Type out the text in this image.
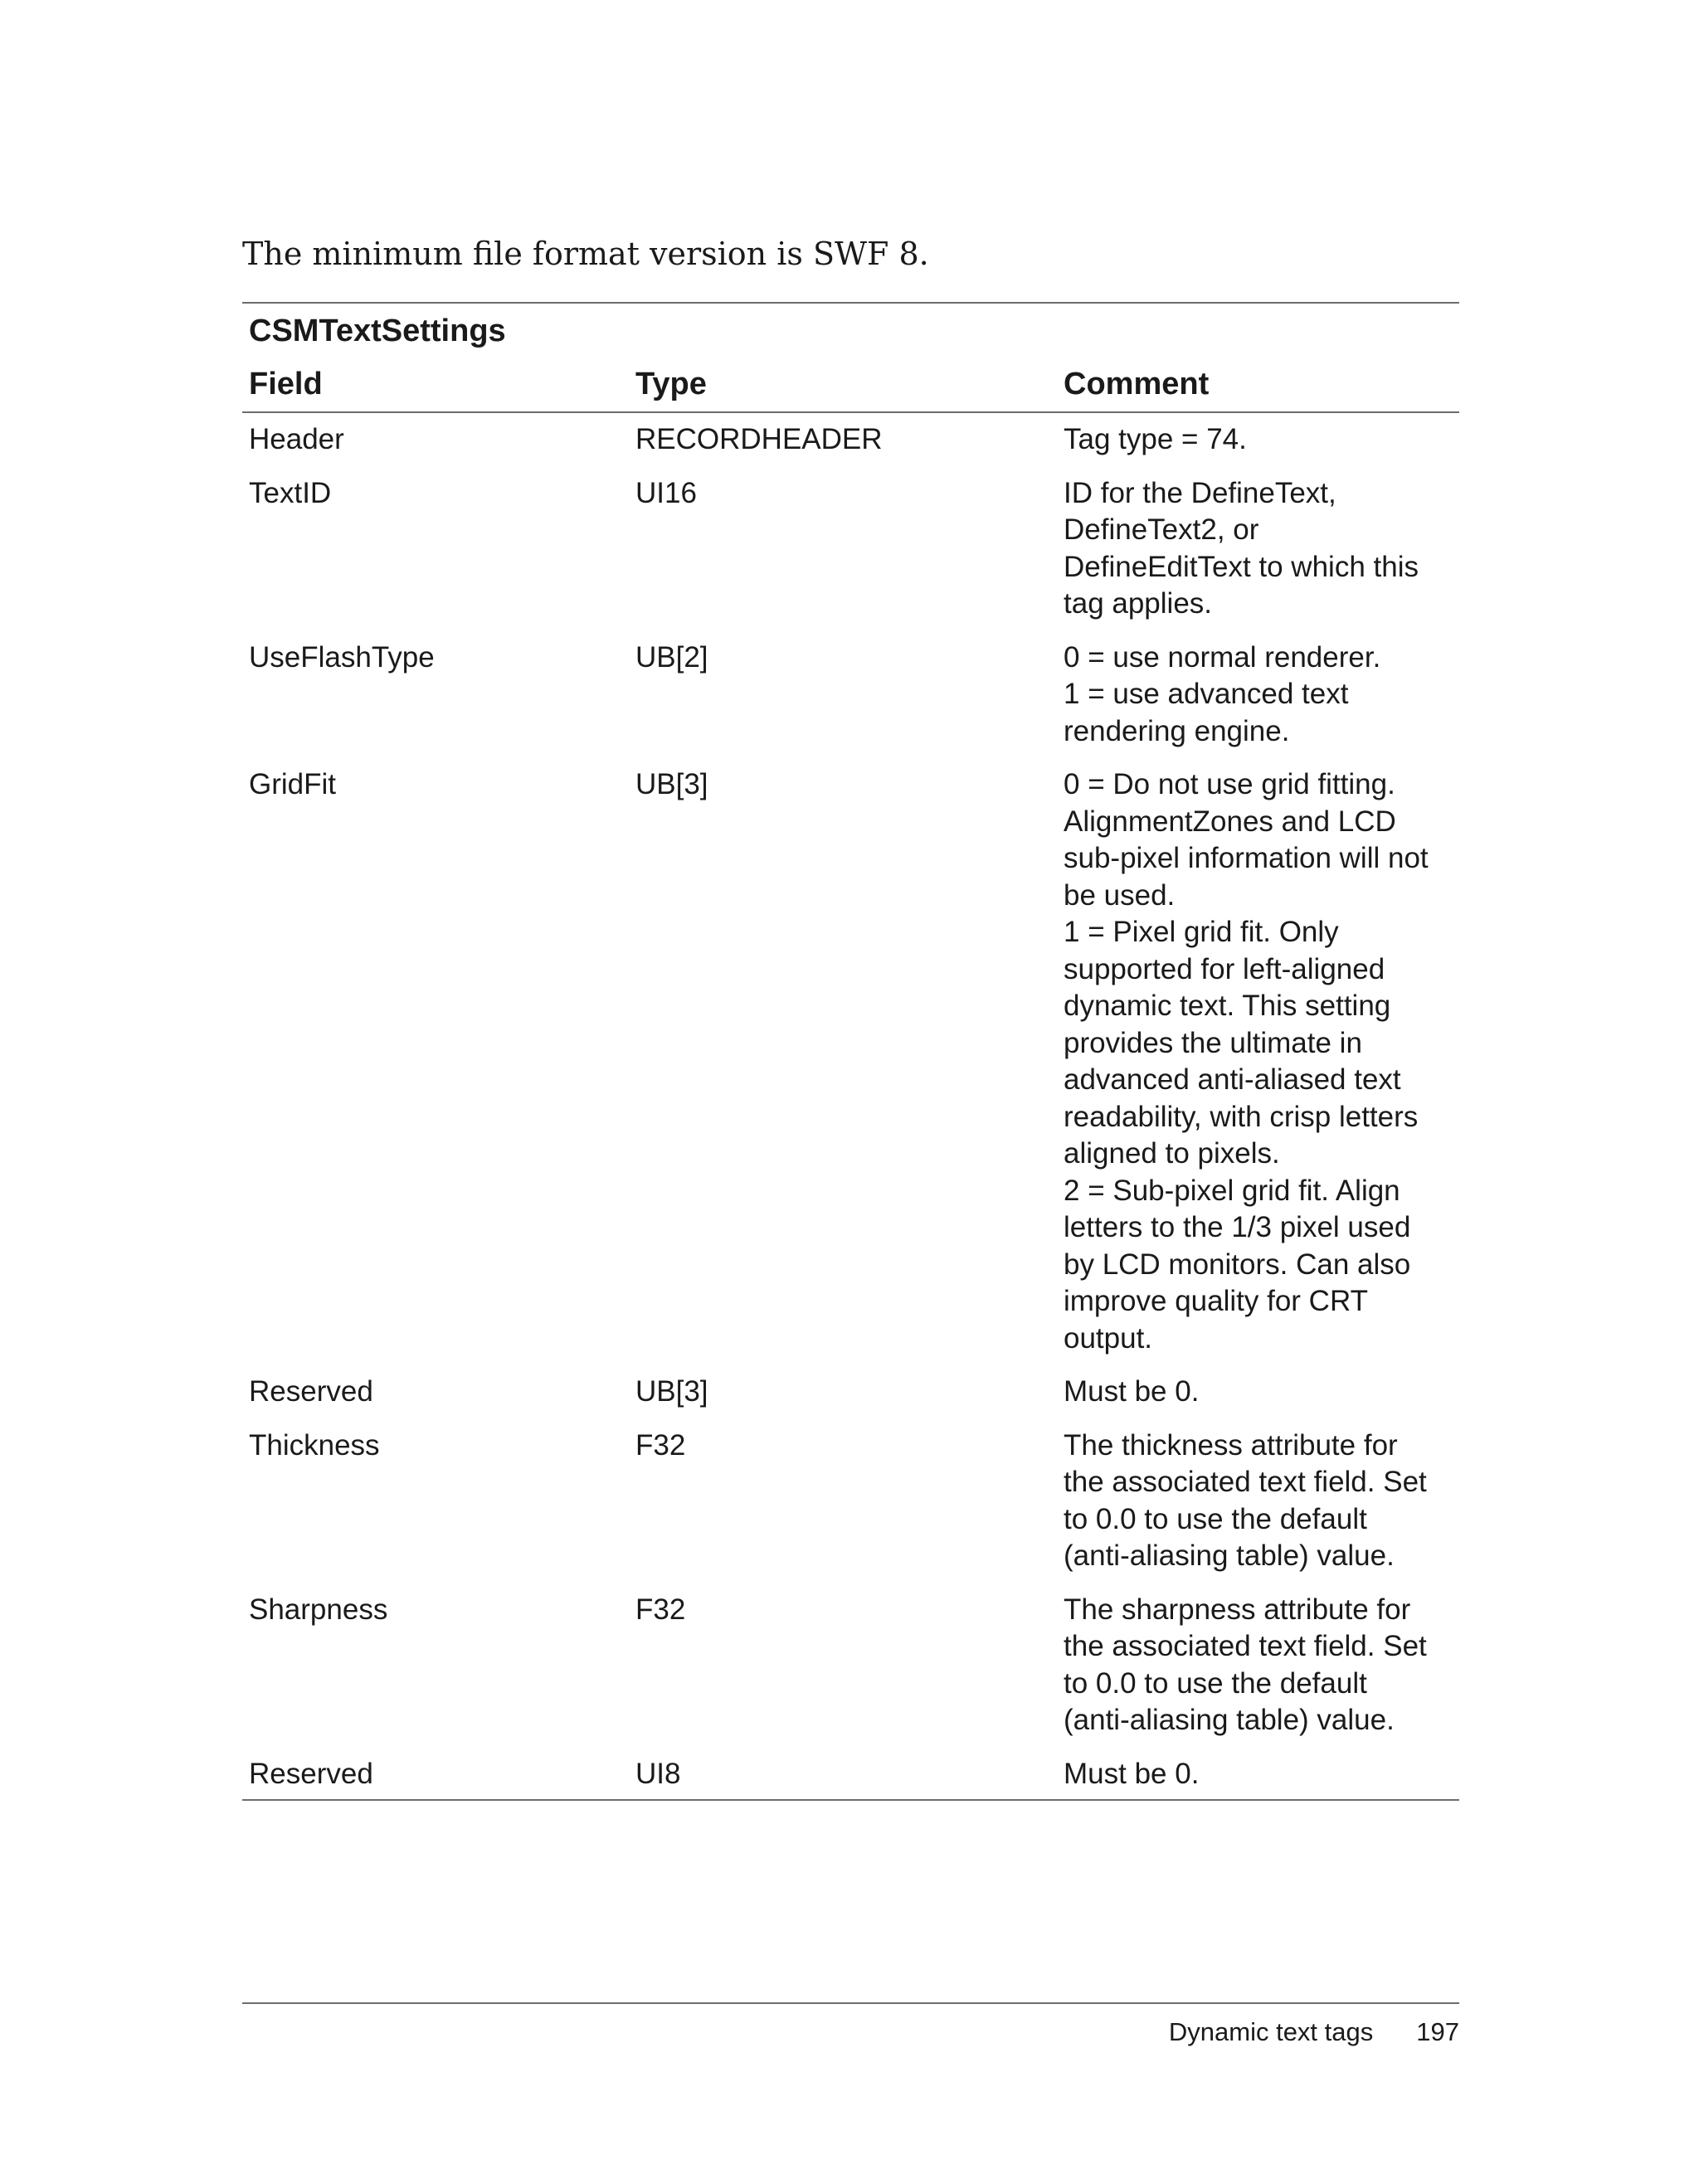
The minimum file format version is SWF 8.

CSMTextSettings
Field	Type	Comment
Header	RECORDHEADER	Tag type = 74.
TextID	UI16	ID for the DefineText,
DefineText2, or
DefineEditText to which this
tag applies.
UseFlashType	UB[2]	0 = use normal renderer.
1 = use advanced text
rendering engine.
GridFit	UB[3]	0 = Do not use grid fitting.
AlignmentZones and LCD
sub-pixel information will not
be used.
1 = Pixel grid fit. Only
supported for left-aligned
dynamic text. This setting
provides the ultimate in
advanced anti-aliased text
readability, with crisp letters
aligned to pixels.
2 = Sub-pixel grid fit. Align
letters to the 1/3 pixel used
by LCD monitors. Can also
improve quality for CRT
output.
Reserved	UB[3]	Must be 0.
Thickness	F32	The thickness attribute for
the associated text field. Set
to 0.0 to use the default
(anti-aliasing table) value.
Sharpness	F32	The sharpness attribute for
the associated text field. Set
to 0.0 to use the default
(anti-aliasing table) value.
Reserved	UI8	Must be 0.
Dynamic text tags 197
